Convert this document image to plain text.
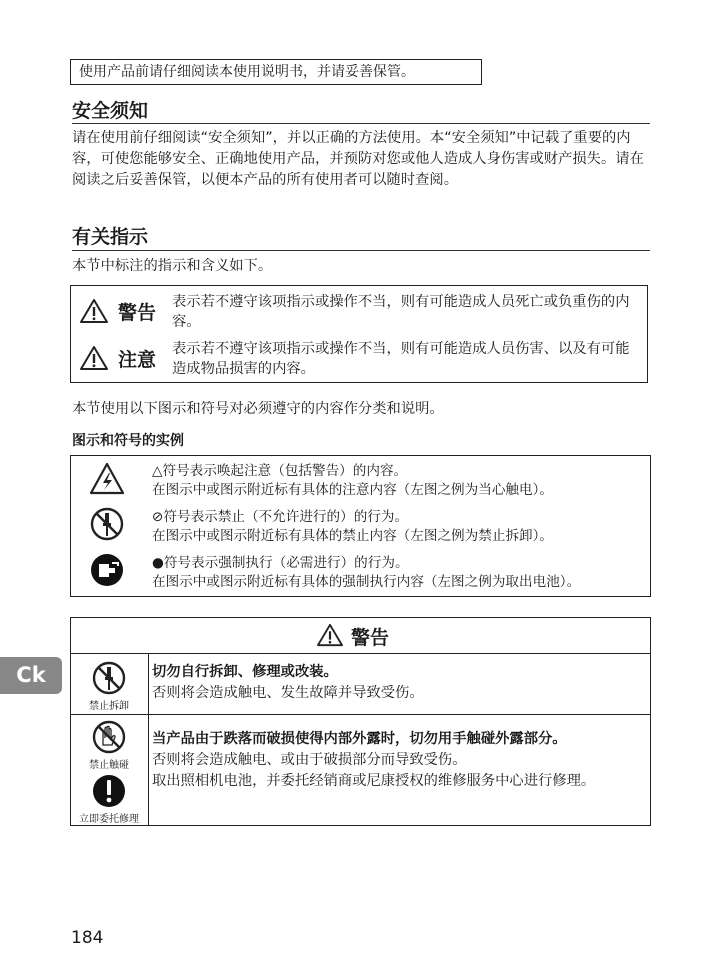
使用产品前请仔细阅读本使用说明书，并请妥善保管。
安全须知
请在使用前仔细阅读“安全须知”，并以正确的方法使用。本“安全须知”中记载了重要的内容，可使您能够安全、正确地使用产品，并预防对您或他人造成人身伤害或财产损失。请在阅读之后妥善保管，以便本产品的所有使用者可以随时查阅。
有关指示
本节中标注的指示和含义如下。
警告 表示若不遵守该项指示或操作不当，则有可能造成人员死亡或负重伤的内容。
注意 表示若不遵守该项指示或操作不当，则有可能造成人员伤害、以及有可能造成物品损害的内容。
本节使用以下图示和符号对必须遵守的内容作分类和说明。
图示和符号的实例
△符号表示唤起注意（包括警告）的内容。
在图示中或图示附近标有具体的注意内容（左图之例为当心触电）。
⊘符号表示禁止（不允许进行的）的行为。
在图示中或图示附近标有具体的禁止内容（左图之例为禁止拆卸）。
●符号表示强制执行（必需进行）的行为。
在图示中或图示附近标有具体的强制执行内容（左图之例为取出电池）。
Ck
警告
禁止拆卸
切勿自行拆卸、修理或改装。
否则将会造成触电、发生故障并导致受伤。
禁止触碰
立即委托修理
当产品由于跌落而破损使得内部外露时，切勿用手触碰外露部分。
否则将会造成触电、或由于破损部分而导致受伤。
取出照相机电池，并委托经销商或尼康授权的维修服务中心进行修理。
184
